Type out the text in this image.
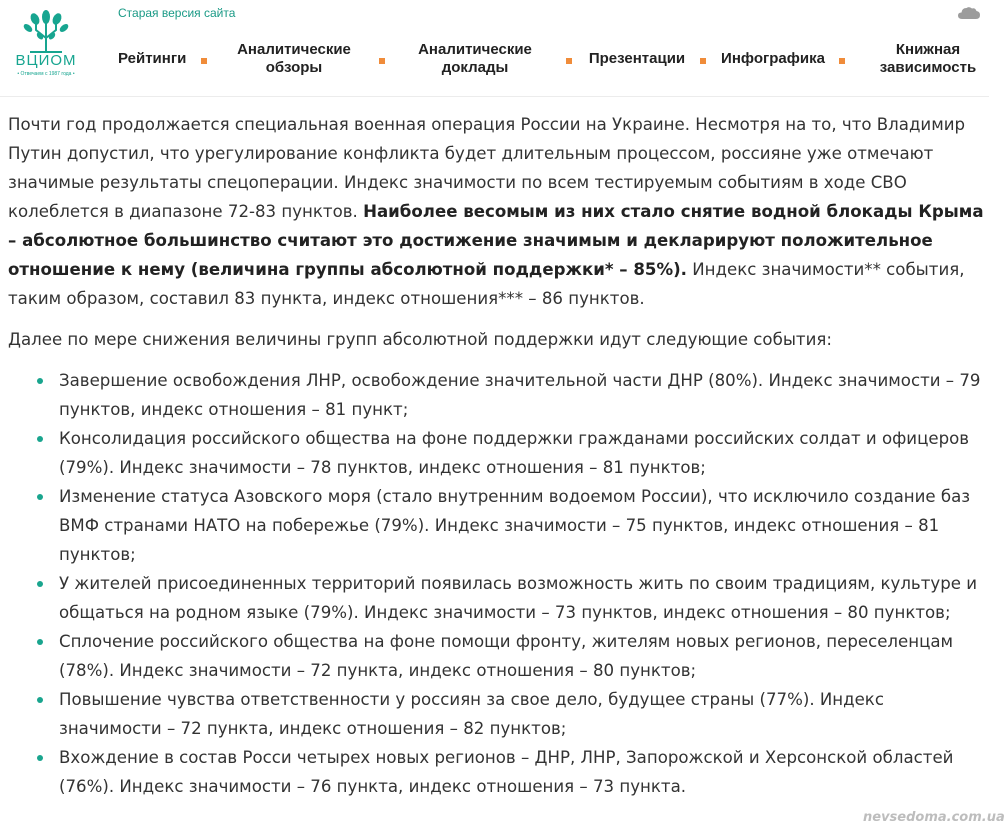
ВЦИОМ
• Отвечаем с 1987 года •
Старая версия сайта
Рейтинги
Аналитические
обзоры
Аналитические
доклады
Презентации Инфографика
Книжная
зависимость

Почти год продолжается специальная военная операция России на Украине. Несмотря на то, что Владимир Путин допустил, что урегулирование конфликта будет длительным процессом, россияне уже отмечают значимые результаты спецоперации. Индекс значимости по всем тестируемым событиям в ходе СВО колеблется в диапазоне 72-83 пунктов. Наиболее весомым из них стало снятие водной блокады Крыма – абсолютное большинство считают это достижение значимым и декларируют положительное отношение к нему (величина группы абсолютной поддержки* – 85%). Индекс значимости** события, таким образом, составил 83 пункта, индекс отношения*** – 86 пунктов.

Далее по мере снижения величины групп абсолютной поддержки идут следующие события:

Завершение освобождения ЛНР, освобождение значительной части ДНР (80%). Индекс значимости – 79 пунктов, индекс отношения – 81 пункт;
Консолидация российского общества на фоне поддержки гражданами российских солдат и офицеров (79%). Индекс значимости – 78 пунктов, индекс отношения – 81 пунктов;
Изменение статуса Азовского моря (стало внутренним водоемом России), что исключило создание баз ВМФ странами НАТО на побережье (79%). Индекс значимости – 75 пунктов, индекс отношения – 81 пунктов;
У жителей присоединенных территорий появилась возможность жить по своим традициям, культуре и общаться на родном языке (79%). Индекс значимости – 73 пунктов, индекс отношения – 80 пунктов;
Сплочение российского общества на фоне помощи фронту, жителям новых регионов, переселенцам (78%). Индекс значимости – 72 пункта, индекс отношения – 80 пунктов;
Повышение чувства ответственности у россиян за свое дело, будущее страны (77%). Индекс значимости – 72 пункта, индекс отношения – 82 пунктов;
Вхождение в состав Росси четырех новых регионов – ДНР, ЛНР, Запорожской и Херсонской областей (76%). Индекс значимости – 76 пункта, индекс отношения – 73 пункта.
nevsedoma.com.ua
